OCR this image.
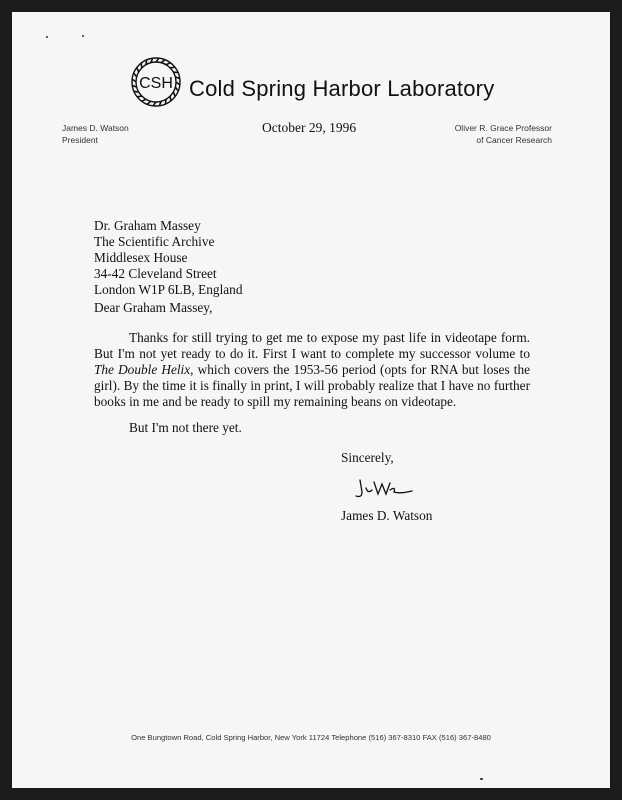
CSH Cold Spring Harbor Laboratory
James D. Watson
President
October 29, 1996	Oliver R. Grace Professor
of Cancer Research
Dr. Graham Massey
The Scientific Archive
Middlesex House
34-42 Cleveland Street
London W1P 6LB, England
Dear Graham Massey,
Thanks for still trying to get me to expose my past life in videotape form. But I'm not yet ready to do it. First I want to complete my successor volume to The Double Helix, which covers the 1953-56 period (opts for RNA but loses the girl). By the time it is finally in print, I will probably realize that I have no further books in me and be ready to spill my remaining beans on videotape.
But I'm not there yet.
Sincerely,
James D. Watson
One Bungtown Road, Cold Spring Harbor, New York 11724 Telephone (516) 367-8310 FAX (516) 367-8480
